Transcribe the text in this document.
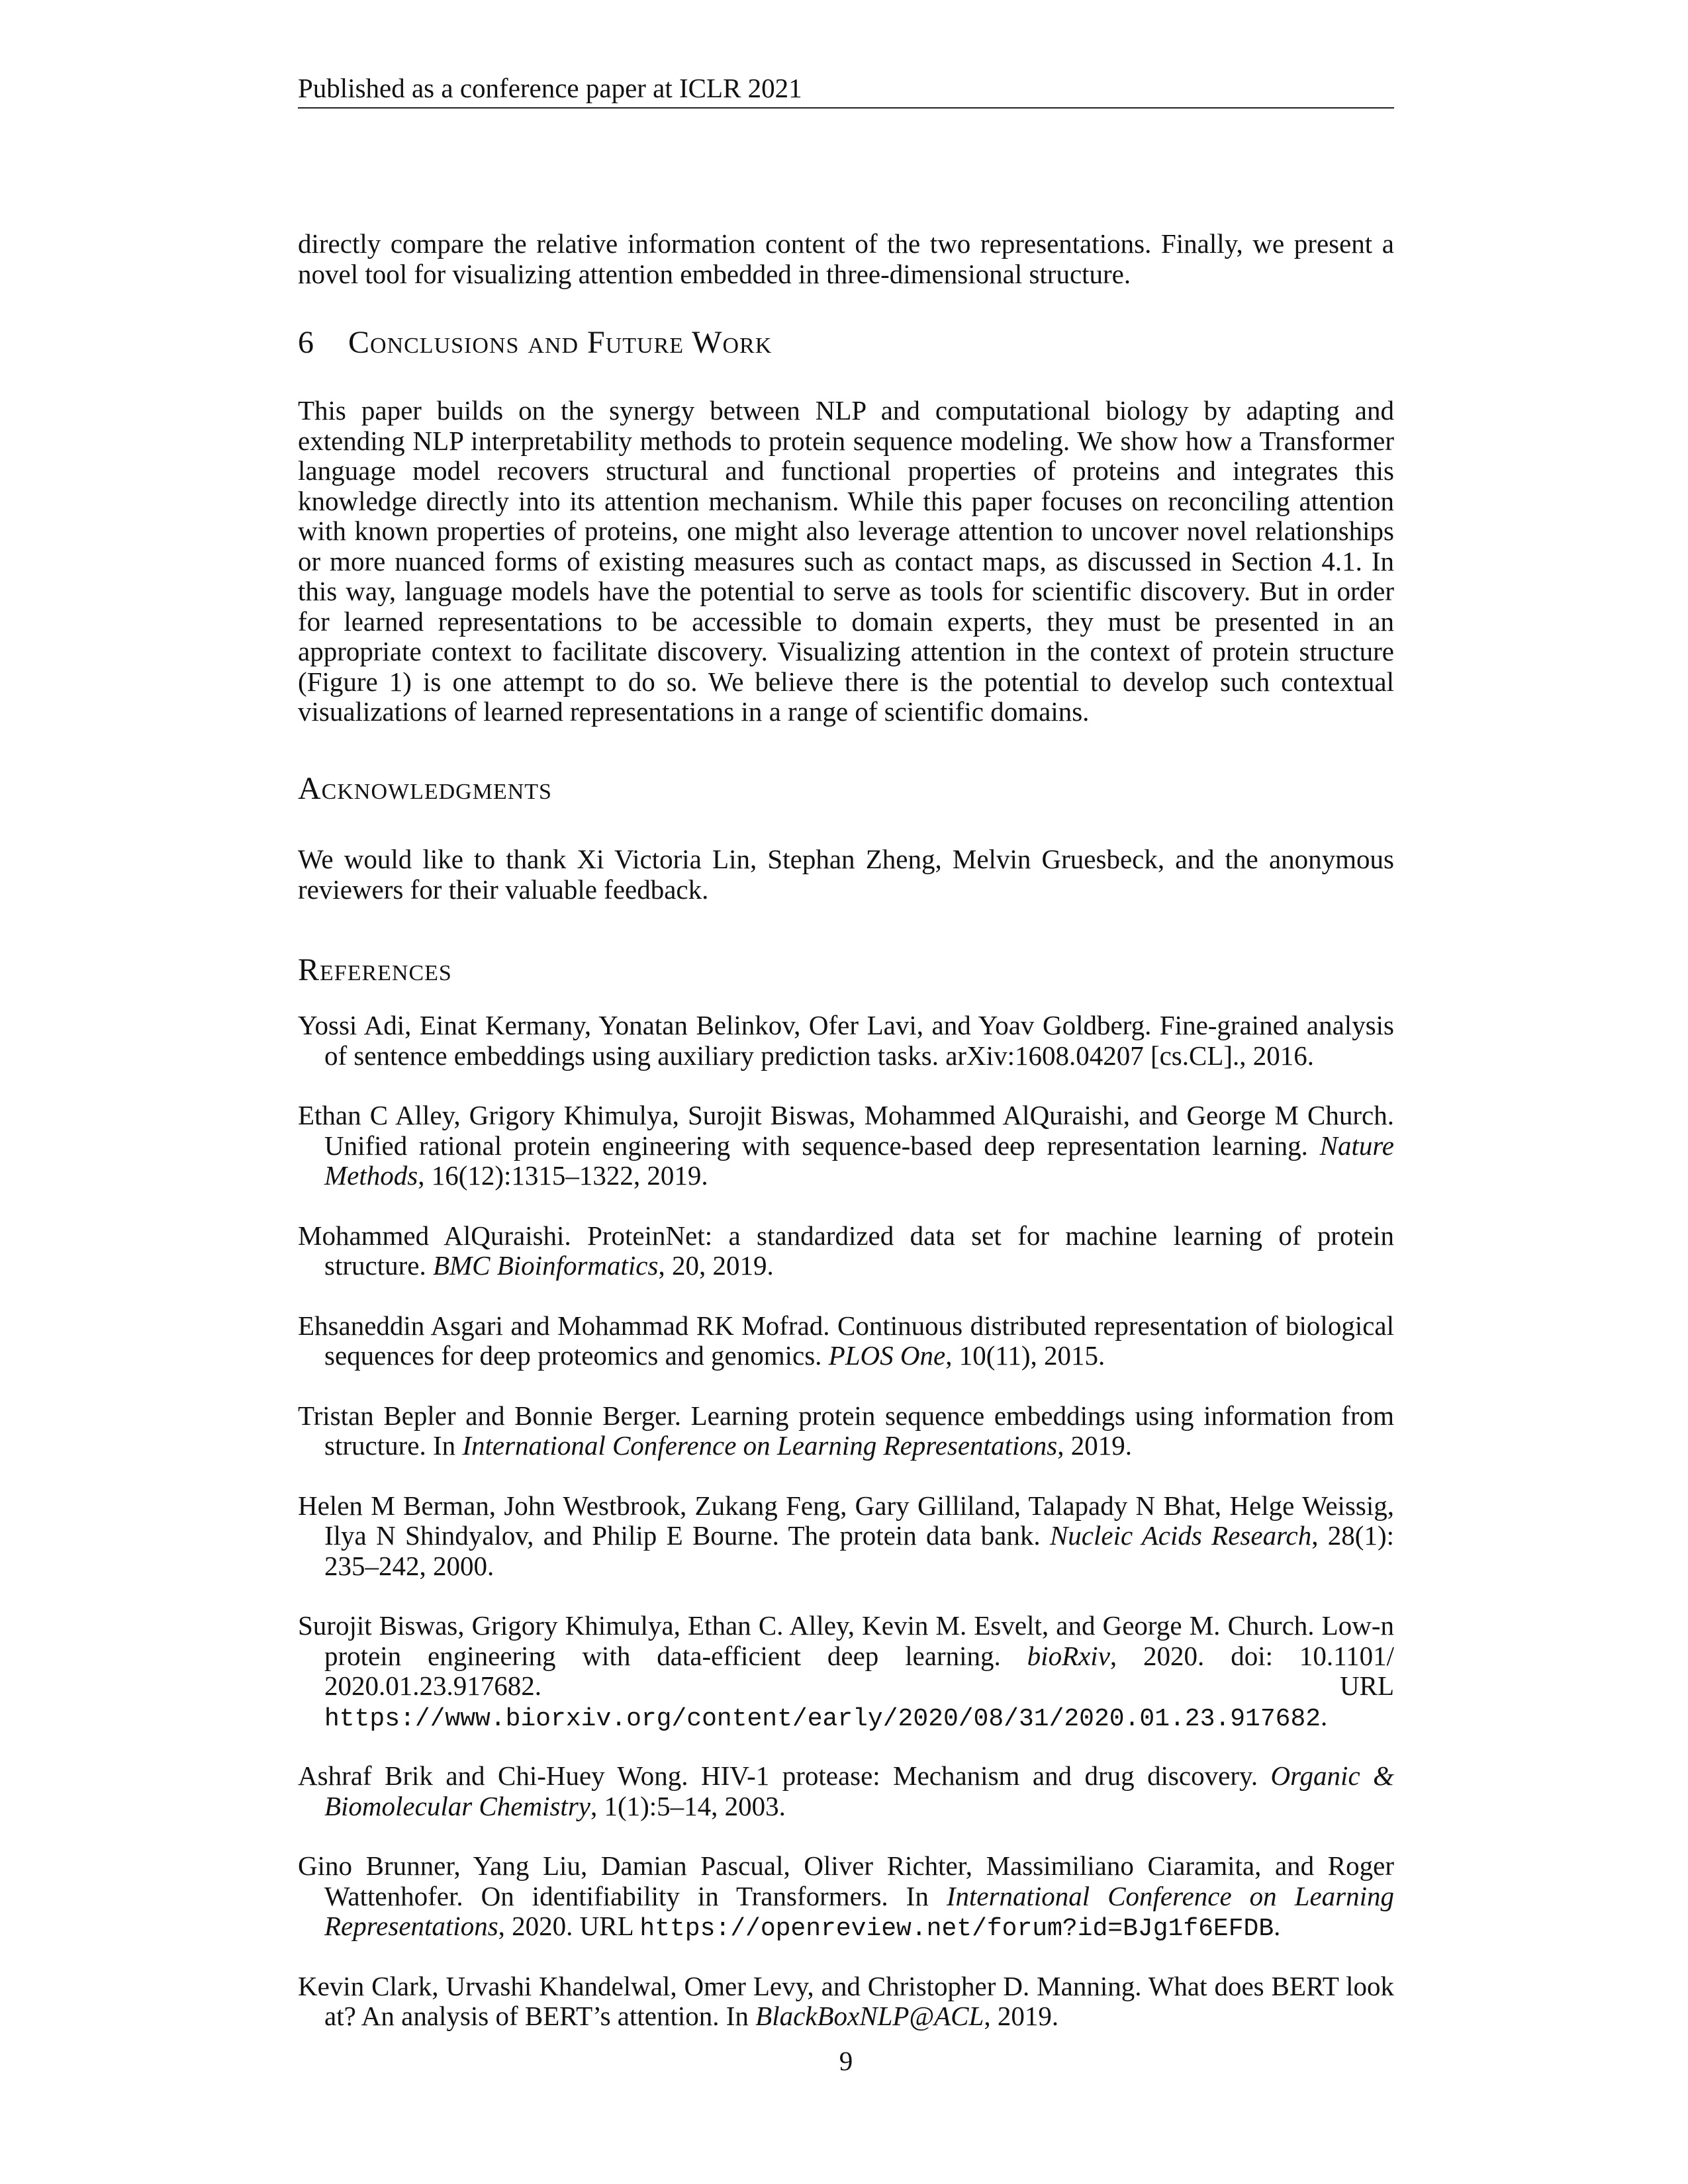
Published as a conference paper at ICLR 2021

directly compare the relative information content of the two representations. Finally, we present a novel tool for visualizing attention embedded in three-dimensional structure.

6 Conclusions and Future Work

This paper builds on the synergy between NLP and computational biology by adapting and extending NLP interpretability methods to protein sequence modeling. We show how a Transformer language model recovers structural and functional properties of proteins and integrates this knowledge directly into its attention mechanism. While this paper focuses on reconciling attention with known properties of proteins, one might also leverage attention to uncover novel relationships or more nuanced forms of existing measures such as contact maps, as discussed in Section 4.1. In this way, language models have the potential to serve as tools for scientific discovery. But in order for learned representations to be accessible to domain experts, they must be presented in an appropriate context to facilitate discovery. Visualizing attention in the context of protein structure (Figure 1) is one attempt to do so. We believe there is the potential to develop such contextual visualizations of learned representations in a range of scientific domains.

Acknowledgments

We would like to thank Xi Victoria Lin, Stephan Zheng, Melvin Gruesbeck, and the anonymous reviewers for their valuable feedback.

References

Yossi Adi, Einat Kermany, Yonatan Belinkov, Ofer Lavi, and Yoav Goldberg. Fine-grained analysis of sentence embeddings using auxiliary prediction tasks. arXiv:1608.04207 [cs.CL]., 2016.

Ethan C Alley, Grigory Khimulya, Surojit Biswas, Mohammed AlQuraishi, and George M Church. Unified rational protein engineering with sequence-based deep representation learning. Nature Methods, 16(12):1315–1322, 2019.

Mohammed AlQuraishi. ProteinNet: a standardized data set for machine learning of protein structure. BMC Bioinformatics, 20, 2019.

Ehsaneddin Asgari and Mohammad RK Mofrad. Continuous distributed representation of biological sequences for deep proteomics and genomics. PLOS One, 10(11), 2015.

Tristan Bepler and Bonnie Berger. Learning protein sequence embeddings using information from structure. In International Conference on Learning Representations, 2019.

Helen M Berman, John Westbrook, Zukang Feng, Gary Gilliland, Talapady N Bhat, Helge Weissig, Ilya N Shindyalov, and Philip E Bourne. The protein data bank. Nucleic Acids Research, 28(1): 235–242, 2000.

Surojit Biswas, Grigory Khimulya, Ethan C. Alley, Kevin M. Esvelt, and George M. Church. Low-n protein engineering with data-efficient deep learning. bioRxiv, 2020. doi: 10.1101/ 2020.01.23.917682. URL https://www.biorxiv.org/content/early/2020/08/31/2020.01.23.917682.

Ashraf Brik and Chi-Huey Wong. HIV-1 protease: Mechanism and drug discovery. Organic & Biomolecular Chemistry, 1(1):5–14, 2003.

Gino Brunner, Yang Liu, Damian Pascual, Oliver Richter, Massimiliano Ciaramita, and Roger Wattenhofer. On identifiability in Transformers. In International Conference on Learning Representations, 2020. URL https://openreview.net/forum?id=BJg1f6EFDB.

Kevin Clark, Urvashi Khandelwal, Omer Levy, and Christopher D. Manning. What does BERT look at? An analysis of BERT’s attention. In BlackBoxNLP@ACL, 2019.

9
